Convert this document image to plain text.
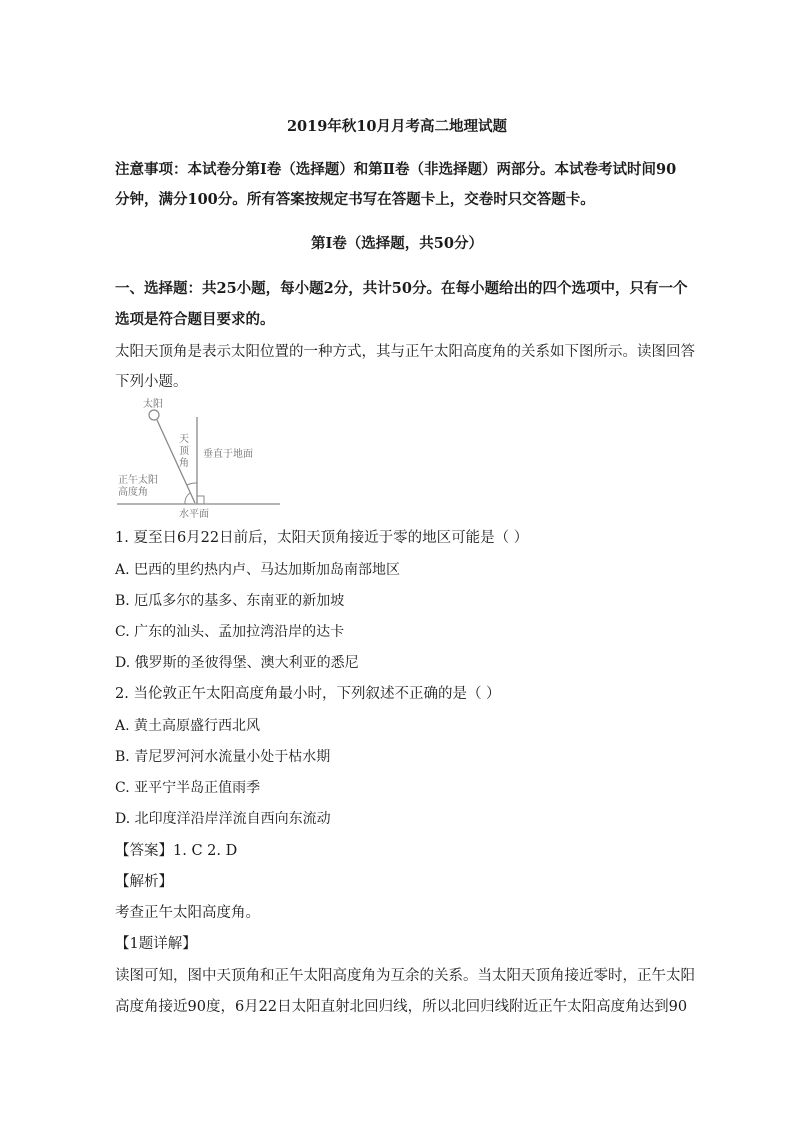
2019年秋10月月考高二地理试题
注意事项：本试卷分第Ⅰ卷（选择题）和第Ⅱ卷（非选择题）两部分。本试卷考试时间90
分钟，满分100分。所有答案按规定书写在答题卡上，交卷时只交答题卡。
第Ⅰ卷（选择题，共50分）
一、选择题：共25小题，每小题2分，共计50分。在每小题给出的四个选项中，只有一个
选项是符合题目要求的。
太阳天顶角是表示太阳位置的一种方式，其与正午太阳高度角的关系如下图所示。读图回答
下列小题。
太阳
天
顶
角
垂直于地面
正午太阳
高度角
水平面
1. 夏至日6月22日前后，太阳天顶角接近于零的地区可能是（ ）
A. 巴西的里约热内卢、马达加斯加岛南部地区
B. 厄瓜多尔的基多、东南亚的新加坡
C. 广东的汕头、孟加拉湾沿岸的达卡
D. 俄罗斯的圣彼得堡、澳大利亚的悉尼
2. 当伦敦正午太阳高度角最小时，下列叙述不正确的是（ ）
A. 黄土高原盛行西北风
B. 青尼罗河河水流量小处于枯水期
C. 亚平宁半岛正值雨季
D. 北印度洋沿岸洋流自西向东流动
【答案】1. C 2. D
【解析】
考查正午太阳高度角。
【1题详解】
读图可知，图中天顶角和正午太阳高度角为互余的关系。当太阳天顶角接近零时，正午太阳
高度角接近90度，6月22日太阳直射北回归线，所以北回归线附近正午太阳高度角达到90
